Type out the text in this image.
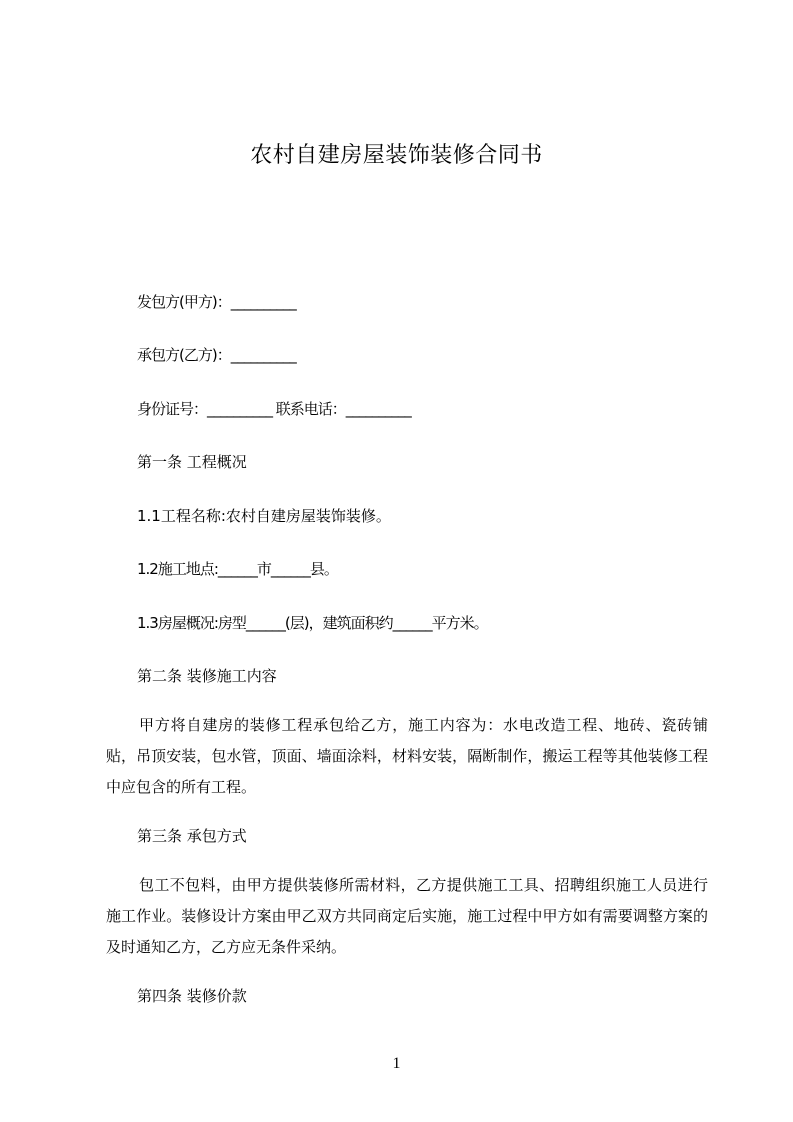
农村自建房屋装饰装修合同书
发包方(甲方)：__________
承包方(乙方)：__________
身份证号：__________ 联系电话：__________
第一条 工程概况
1.1工程名称:农村自建房屋装饰装修。
1.2施工地点:______市______县。
1.3房屋概况:房型______(层)，建筑面积约______平方米。
第二条 装修施工内容
甲方将自建房的装修工程承包给乙方，施工内容为：水电改造工程、地砖、瓷砖铺贴，吊顶安装，包水管，顶面、墙面涂料，材料安装，隔断制作，搬运工程等其他装修工程中应包含的所有工程。
第三条 承包方式
包工不包料，由甲方提供装修所需材料，乙方提供施工工具、招聘组织施工人员进行施工作业。装修设计方案由甲乙双方共同商定后实施，施工过程中甲方如有需要调整方案的及时通知乙方，乙方应无条件采纳。
第四条 装修价款
1
